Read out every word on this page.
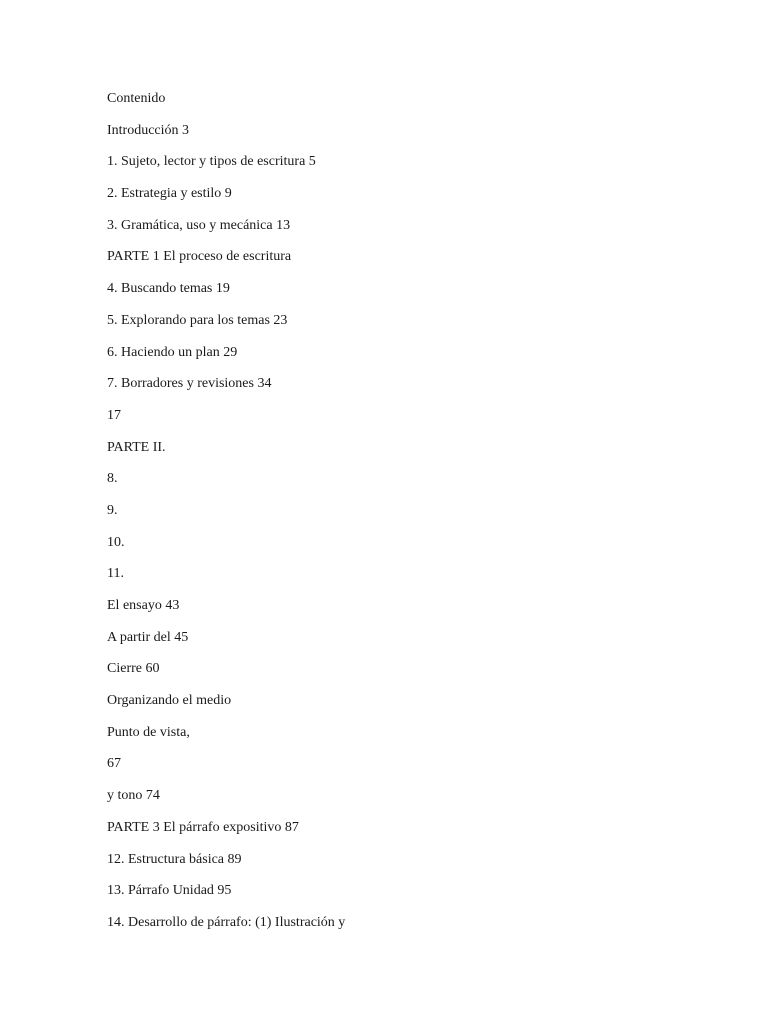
Contenido
Introducción 3
1. Sujeto, lector y tipos de escritura 5
2. Estrategia y estilo 9
3. Gramática, uso y mecánica 13
PARTE 1 El proceso de escritura
4. Buscando temas 19
5. Explorando para los temas 23
6. Haciendo un plan 29
7. Borradores y revisiones 34
17
PARTE II.
8.
9.
10.
11.
El ensayo 43
A partir del 45
Cierre 60
Organizando el medio
Punto de vista,
67
y tono 74
PARTE 3 El párrafo expositivo 87
12. Estructura básica 89
13. Párrafo Unidad 95
14. Desarrollo de párrafo: (1) Ilustración y
